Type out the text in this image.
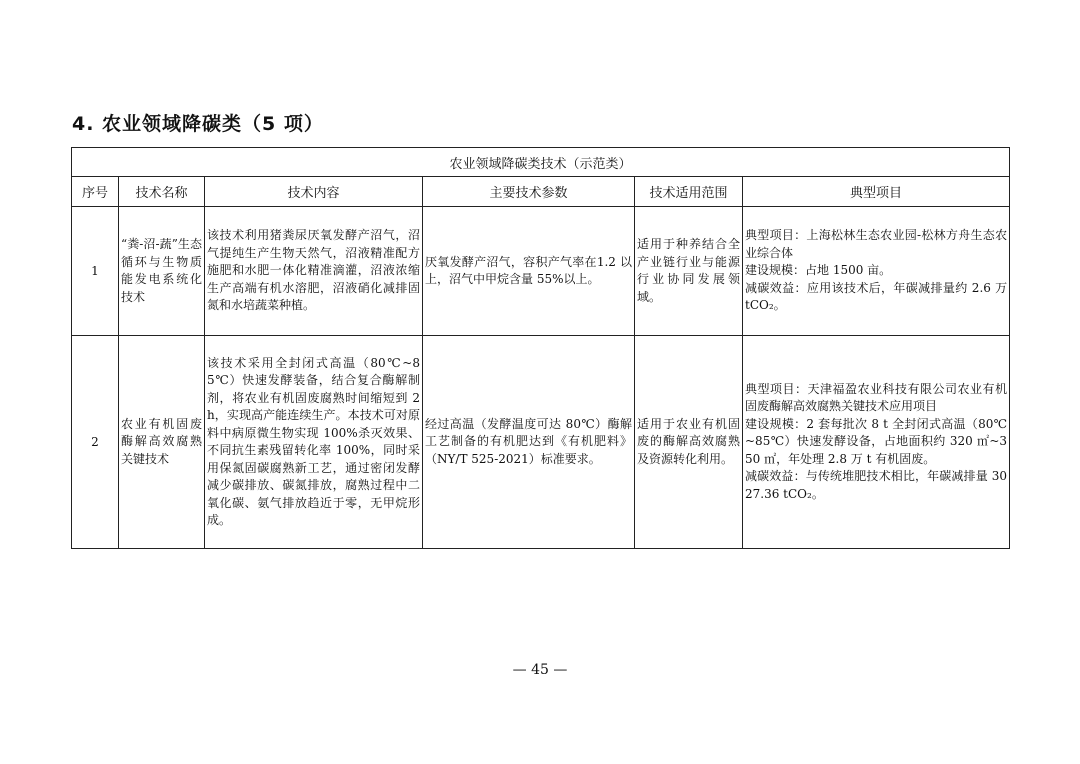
4. 农业领域降碳类（5 项）
农业领域降碳类技术（示范类）					
序号	技术名称	技术内容	主要技术参数	技术适用范围	典型项目
1	“粪-沼-蔬”生态循环与生物质能发电系统化技术	该技术利用猪粪尿厌氧发酵产沼气，沼气提纯生产生物天然气，沼液精准配方施肥和水肥一体化精准滴灌，沼液浓缩生产高端有机水溶肥，沼液硝化减排固氮和水培蔬菜种植。	厌氧发酵产沼气，容积产气率在1.2 以上，沼气中甲烷含量 55%以上。	适用于种养结合全产业链行业与能源行业协同发展领域。	典型项目：上海松林生态农业园-松林方舟生态农业综合体
建设规模：占地 1500 亩。
减碳效益：应用该技术后，年碳减排量约 2.6 万 tCO₂。

2	农业有机固废酶解高效腐熟关键技术	该技术采用全封闭式高温（80℃~85℃）快速发酵装备，结合复合酶解制剂，将农业有机固废腐熟时间缩短到 2 h，实现高产能连续生产。本技术可对原料中病原微生物实现 100%杀灭效果、不同抗生素残留转化率 100%，同时采用保氮固碳腐熟新工艺，通过密闭发酵减少碳排放、碳氮排放，腐熟过程中二氧化碳、氨气排放趋近于零，无甲烷形成。	经过高温（发酵温度可达 80℃）酶解工艺制备的有机肥达到《有机肥料》（NY/T 525-2021）标准要求。	适用于农业有机固废的酶解高效腐熟及资源转化利用。	典型项目：天津福盈农业科技有限公司农业有机固废酶解高效腐熟关键技术应用项目
建设规模：2 套每批次 8 t 全封闭式高温（80℃~85℃）快速发酵设备，占地面积约 320 ㎡~350 ㎡，年处理 2.8 万 t 有机固废。
减碳效益：与传统堆肥技术相比，年碳减排量 3027.36 tCO₂。
— 45 —
